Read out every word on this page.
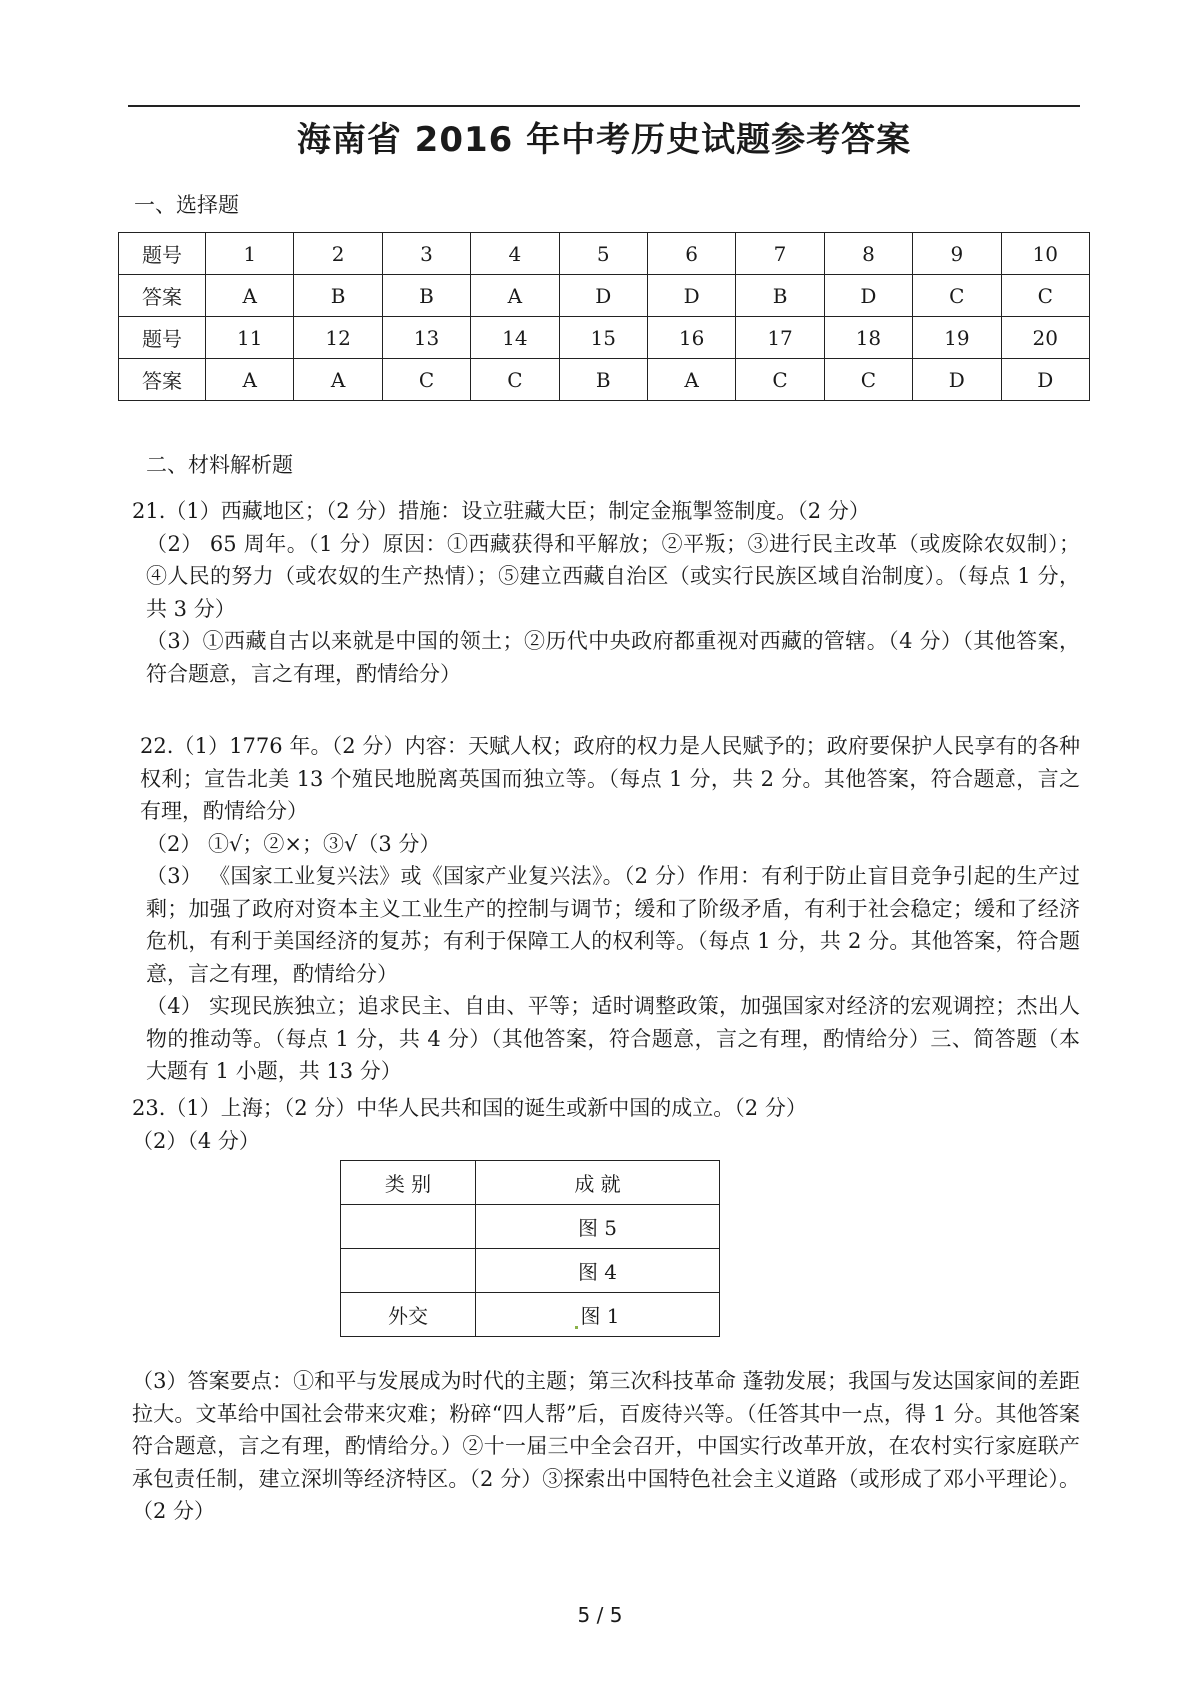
海南省 2016 年中考历史试题参考答案
一、选择题
题号	1	2	3	4	5	6	7	8	9	10
答案	A	B	B	A	D	D	B	D	C	C
题号	11	12	13	14	15	16	17	18	19	20
答案	A	A	C	C	B	A	C	C	D	D
二、材料解析题

21.（1）西藏地区；（2 分）措施：设立驻藏大臣；制定金瓶掣签制度。（2 分）

（2） 65 周年。（1 分）原因：①西藏获得和平解放；②平叛；③进行民主改革（或废除农奴制）；④人民的努力（或农奴的生产热情）；⑤建立西藏自治区（或实行民族区域自治制度）。（每点 1 分，共 3 分）

（3）①西藏自古以来就是中国的领土；②历代中央政府都重视对西藏的管辖。（4 分）（其他答案，符合题意，言之有理，酌情给分）

22.（1）1776 年。（2 分）内容：天赋人权；政府的权力是人民赋予的；政府要保护人民享有的各种权利；宣告北美 13 个殖民地脱离英国而独立等。（每点 1 分，共 2 分。其他答案，符合题意，言之有理，酌情给分）

（2） ①√；②×；③√（3 分）

（3） 《国家工业复兴法》或《国家产业复兴法》。（2 分）作用：有利于防止盲目竞争引起的生产过剩；加强了政府对资本主义工业生产的控制与调节；缓和了阶级矛盾，有利于社会稳定；缓和了经济危机，有利于美国经济的复苏；有利于保障工人的权利等。（每点 1 分，共 2 分。其他答案，符合题意，言之有理，酌情给分）

（4） 实现民族独立；追求民主、自由、平等；适时调整政策，加强国家对经济的宏观调控；杰出人物的推动等。（每点 1 分，共 4 分）（其他答案，符合题意，言之有理，酌情给分）三、简答题（本大题有 1 小题，共 13 分）

23.（1）上海；（2 分）中华人民共和国的诞生或新中国的成立。（2 分）

（2）（4 分）

类 别	成 就
	图 5
	图 4
外交	图 1

（3）答案要点：①和平与发展成为时代的主题；第三次科技革命 蓬勃发展；我国与发达国家间的差距拉大。文革给中国社会带来灾难；粉碎“四人帮”后，百废待兴等。（任答其中一点，得 1 分。其他答案符合题意，言之有理，酌情给分。）②十一届三中全会召开，中国实行改革开放，在农村实行家庭联产承包责任制，建立深圳等经济特区。（2 分）③探索出中国特色社会主义道路（或形成了邓小平理论）。（2 分）

5 / 5
